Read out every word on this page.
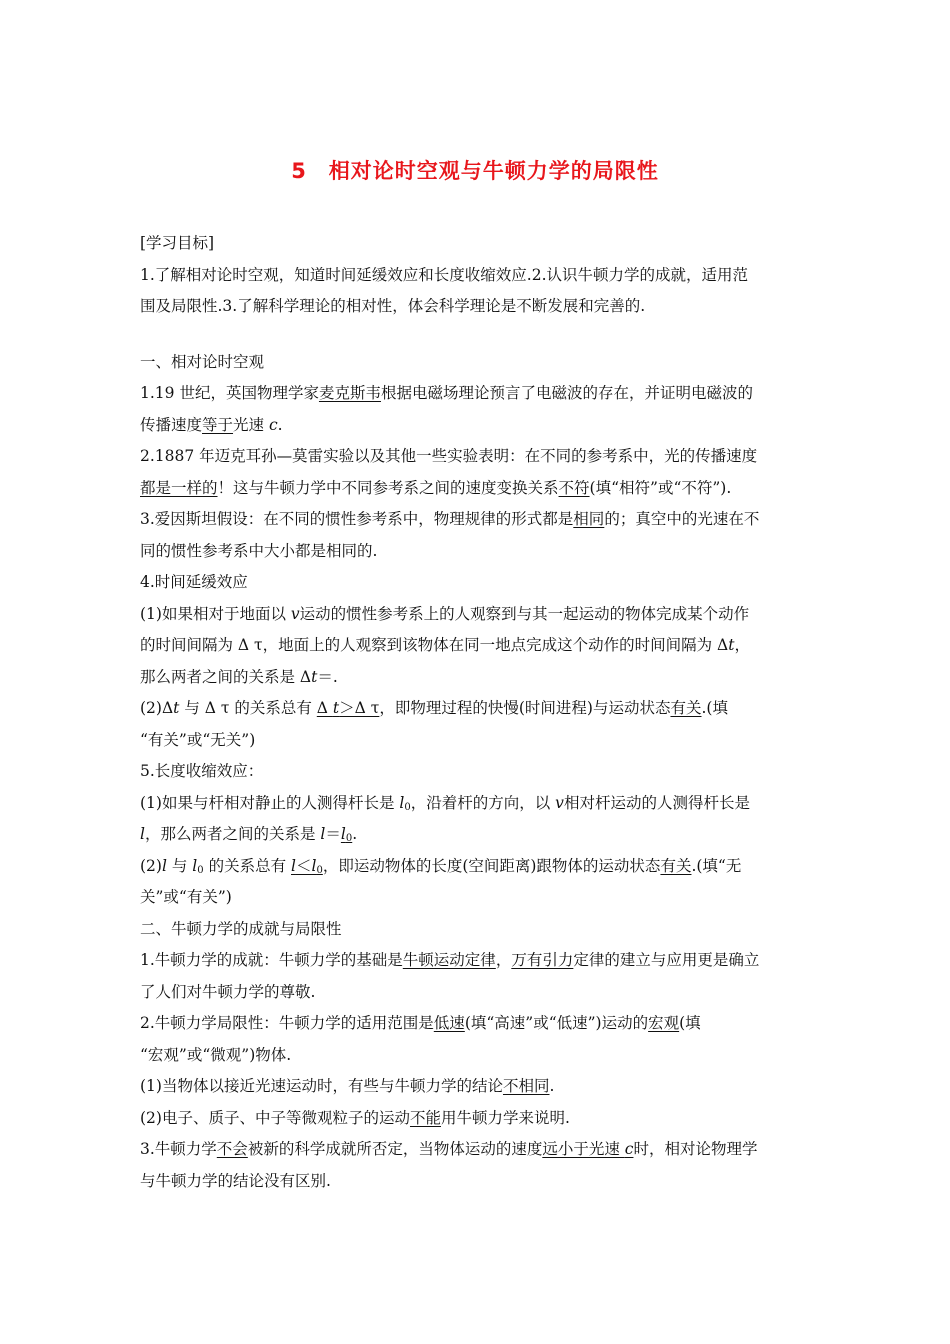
5　相对论时空观与牛顿力学的局限性

[学习目标]

1.了解相对论时空观，知道时间延缓效应和长度收缩效应.2.认识牛顿力学的成就，适用范

围及局限性.3.了解科学理论的相对性，体会科学理论是不断发展和完善的.

一、相对论时空观

1.19 世纪，英国物理学家麦克斯韦根据电磁场理论预言了电磁波的存在，并证明电磁波的

传播速度等于光速 c.

2.1887 年迈克耳孙—莫雷实验以及其他一些实验表明：在不同的参考系中，光的传播速度

都是一样的！这与牛顿力学中不同参考系之间的速度变换关系不符(填“相符”或“不符”).

3.爱因斯坦假设：在不同的惯性参考系中，物理规律的形式都是相同的；真空中的光速在不

同的惯性参考系中大小都是相同的.

4.时间延缓效应

(1)如果相对于地面以 v运动的惯性参考系上的人观察到与其一起运动的物体完成某个动作

的时间间隔为 Δ τ，地面上的人观察到该物体在同一地点完成这个动作的时间间隔为 Δt，

那么两者之间的关系是 Δt＝.

(2)Δt 与 Δ τ 的关系总有 Δ t＞Δ τ，即物理过程的快慢(时间进程)与运动状态有关.(填

“有关”或“无关”)

5.长度收缩效应：

(1)如果与杆相对静止的人测得杆长是 $l_0$，沿着杆的方向，以 v相对杆运动的人测得杆长是

l，那么两者之间的关系是 $l=l_0$.

(2)l 与 $l_0$ 的关系总有 $l<l_0$，即运动物体的长度(空间距离)跟物体的运动状态有关.(填“无

关”或“有关”)

二、牛顿力学的成就与局限性

1.牛顿力学的成就：牛顿力学的基础是牛顿运动定律，万有引力定律的建立与应用更是确立

了人们对牛顿力学的尊敬.

2.牛顿力学局限性：牛顿力学的适用范围是低速(填“高速”或“低速”)运动的宏观(填

“宏观”或“微观”)物体.

(1)当物体以接近光速运动时，有些与牛顿力学的结论不相同.

(2)电子、质子、中子等微观粒子的运动不能用牛顿力学来说明.

3.牛顿力学不会被新的科学成就所否定，当物体运动的速度远小于光速 c时，相对论物理学

与牛顿力学的结论没有区别.
